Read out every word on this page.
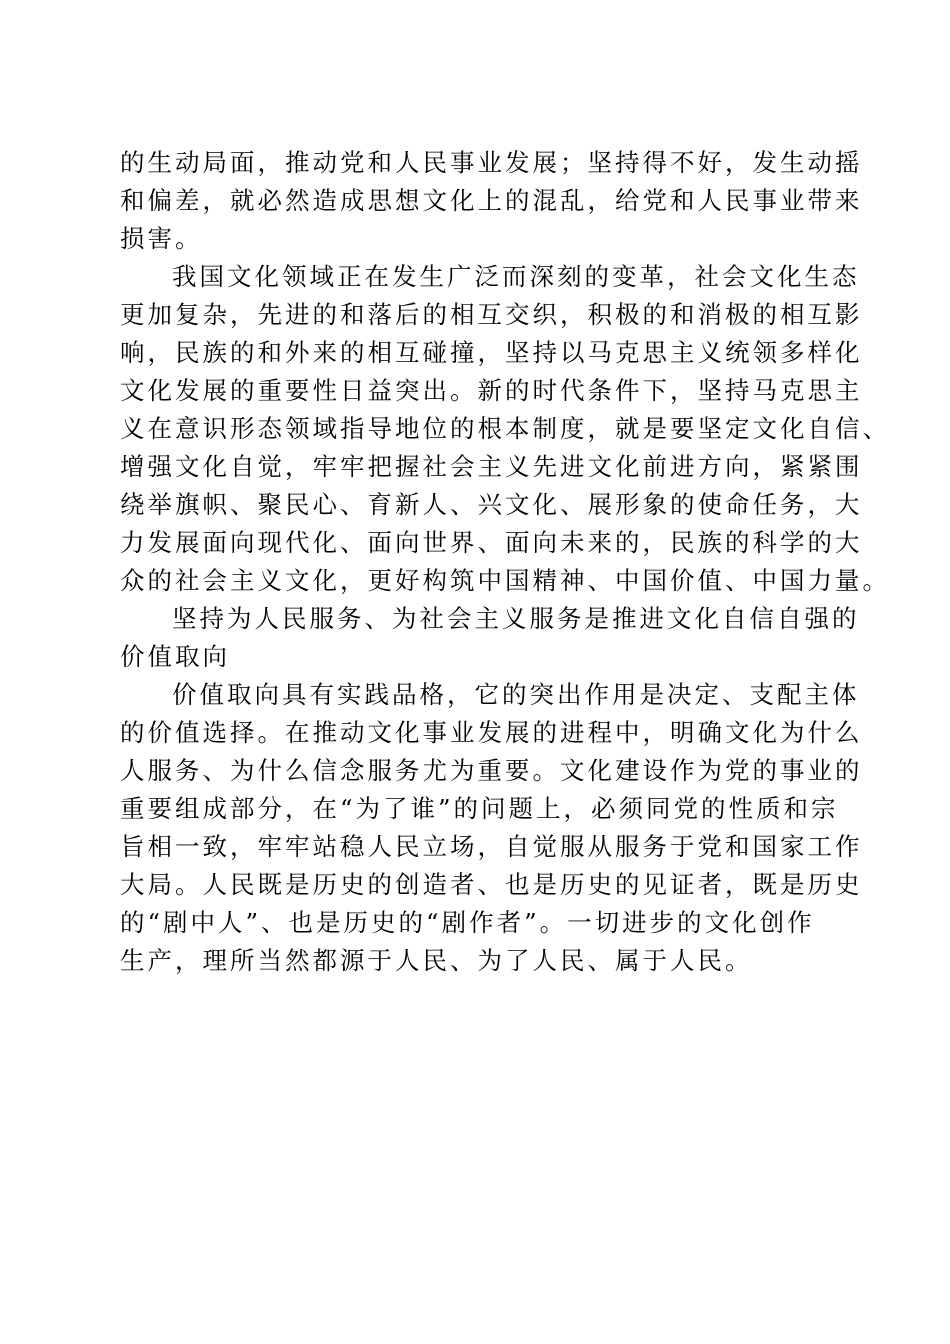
的生动局面，推动党和人民事业发展；坚持得不好，发生动摇
和偏差，就必然造成思想文化上的混乱，给党和人民事业带来
损害。
我国文化领域正在发生广泛而深刻的变革，社会文化生态
更加复杂，先进的和落后的相互交织，积极的和消极的相互影
响，民族的和外来的相互碰撞，坚持以马克思主义统领多样化
文化发展的重要性日益突出。新的时代条件下，坚持马克思主
义在意识形态领域指导地位的根本制度，就是要坚定文化自信、
增强文化自觉，牢牢把握社会主义先进文化前进方向，紧紧围
绕举旗帜、聚民心、育新人、兴文化、展形象的使命任务，大
力发展面向现代化、面向世界、面向未来的，民族的科学的大
众的社会主义文化，更好构筑中国精神、中国价值、中国力量。
坚持为人民服务、为社会主义服务是推进文化自信自强的
价值取向
价值取向具有实践品格，它的突出作用是决定、支配主体
的价值选择。在推动文化事业发展的进程中，明确文化为什么
人服务、为什么信念服务尤为重要。文化建设作为党的事业的
重要组成部分，在“为了谁”的问题上，必须同党的性质和宗
旨相一致，牢牢站稳人民立场，自觉服从服务于党和国家工作
大局。人民既是历史的创造者、也是历史的见证者，既是历史
的“剧中人”、也是历史的“剧作者”。一切进步的文化创作
生产，理所当然都源于人民、为了人民、属于人民。
